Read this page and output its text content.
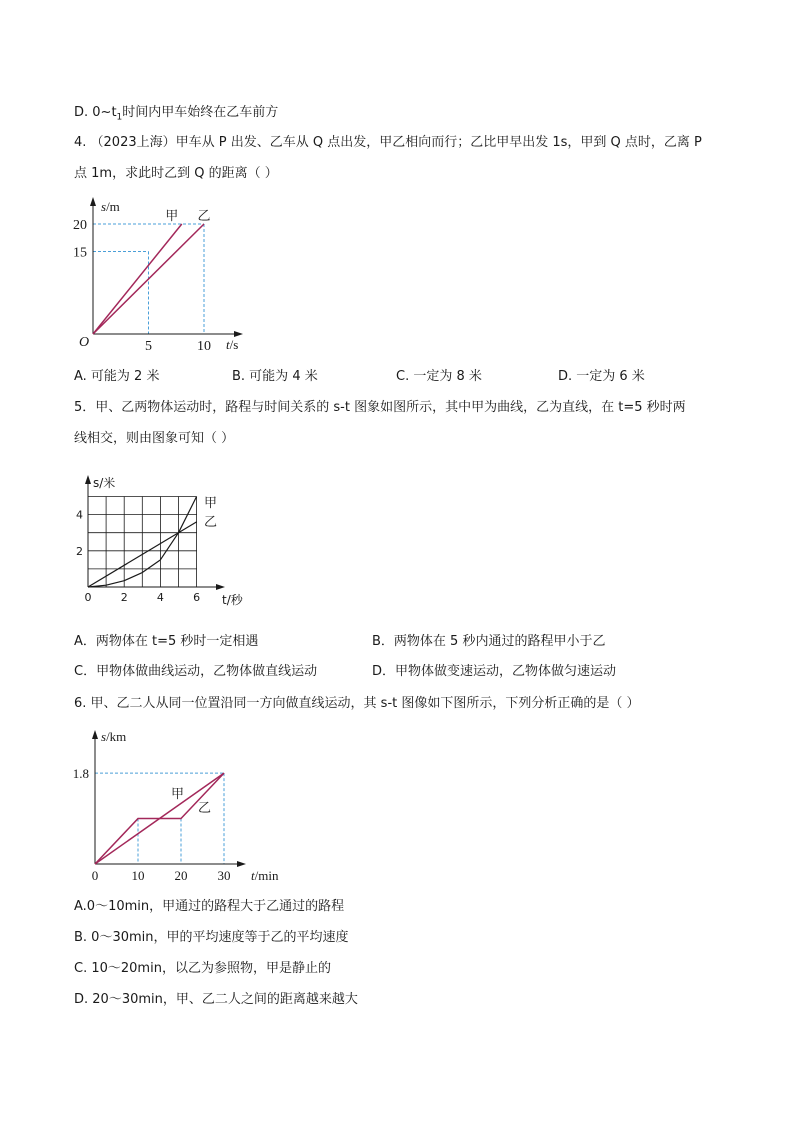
D. $0\sim t_1$时间内甲车始终在乙车前方
4. （2023上海）甲车从 P 出发、乙车从 Q 点出发，甲乙相向而行；乙比甲早出发 1s，甲到 Q 点时，乙离 P
点 1m，求此时乙到 Q 的距离（ ）
甲 乙
5	10
15
20
O
s/m
t/s
A. 可能为 2 米	B. 可能为 4 米	C. 一定为 8 米	D. 一定为 6 米
5．甲、乙两物体运动时，路程与时间关系的 s-t 图象如图所示，其中甲为曲线，乙为直线，在 t=5 秒时两
线相交，则由图象可知（ ）
甲
乙
0	2	4	6
2
4
s/米
t/秒
A．两物体在 t=5 秒时一定相遇	B．两物体在 5 秒内通过的路程甲小于乙
C．甲物体做曲线运动，乙物体做直线运动	D．甲物体做变速运动，乙物体做匀速运动
6. 甲、乙二人从同一位置沿同一方向做直线运动，其 s-t 图像如下图所示，下列分析正确的是（ ）
甲
乙
0	10 20 30
1.8
s/km
t/min
A.0～10min，甲通过的路程大于乙通过的路程
B. 0～30min，甲的平均速度等于乙的平均速度
C. 10～20min，以乙为参照物，甲是静止的
D. 20～30min，甲、乙二人之间的距离越来越大
